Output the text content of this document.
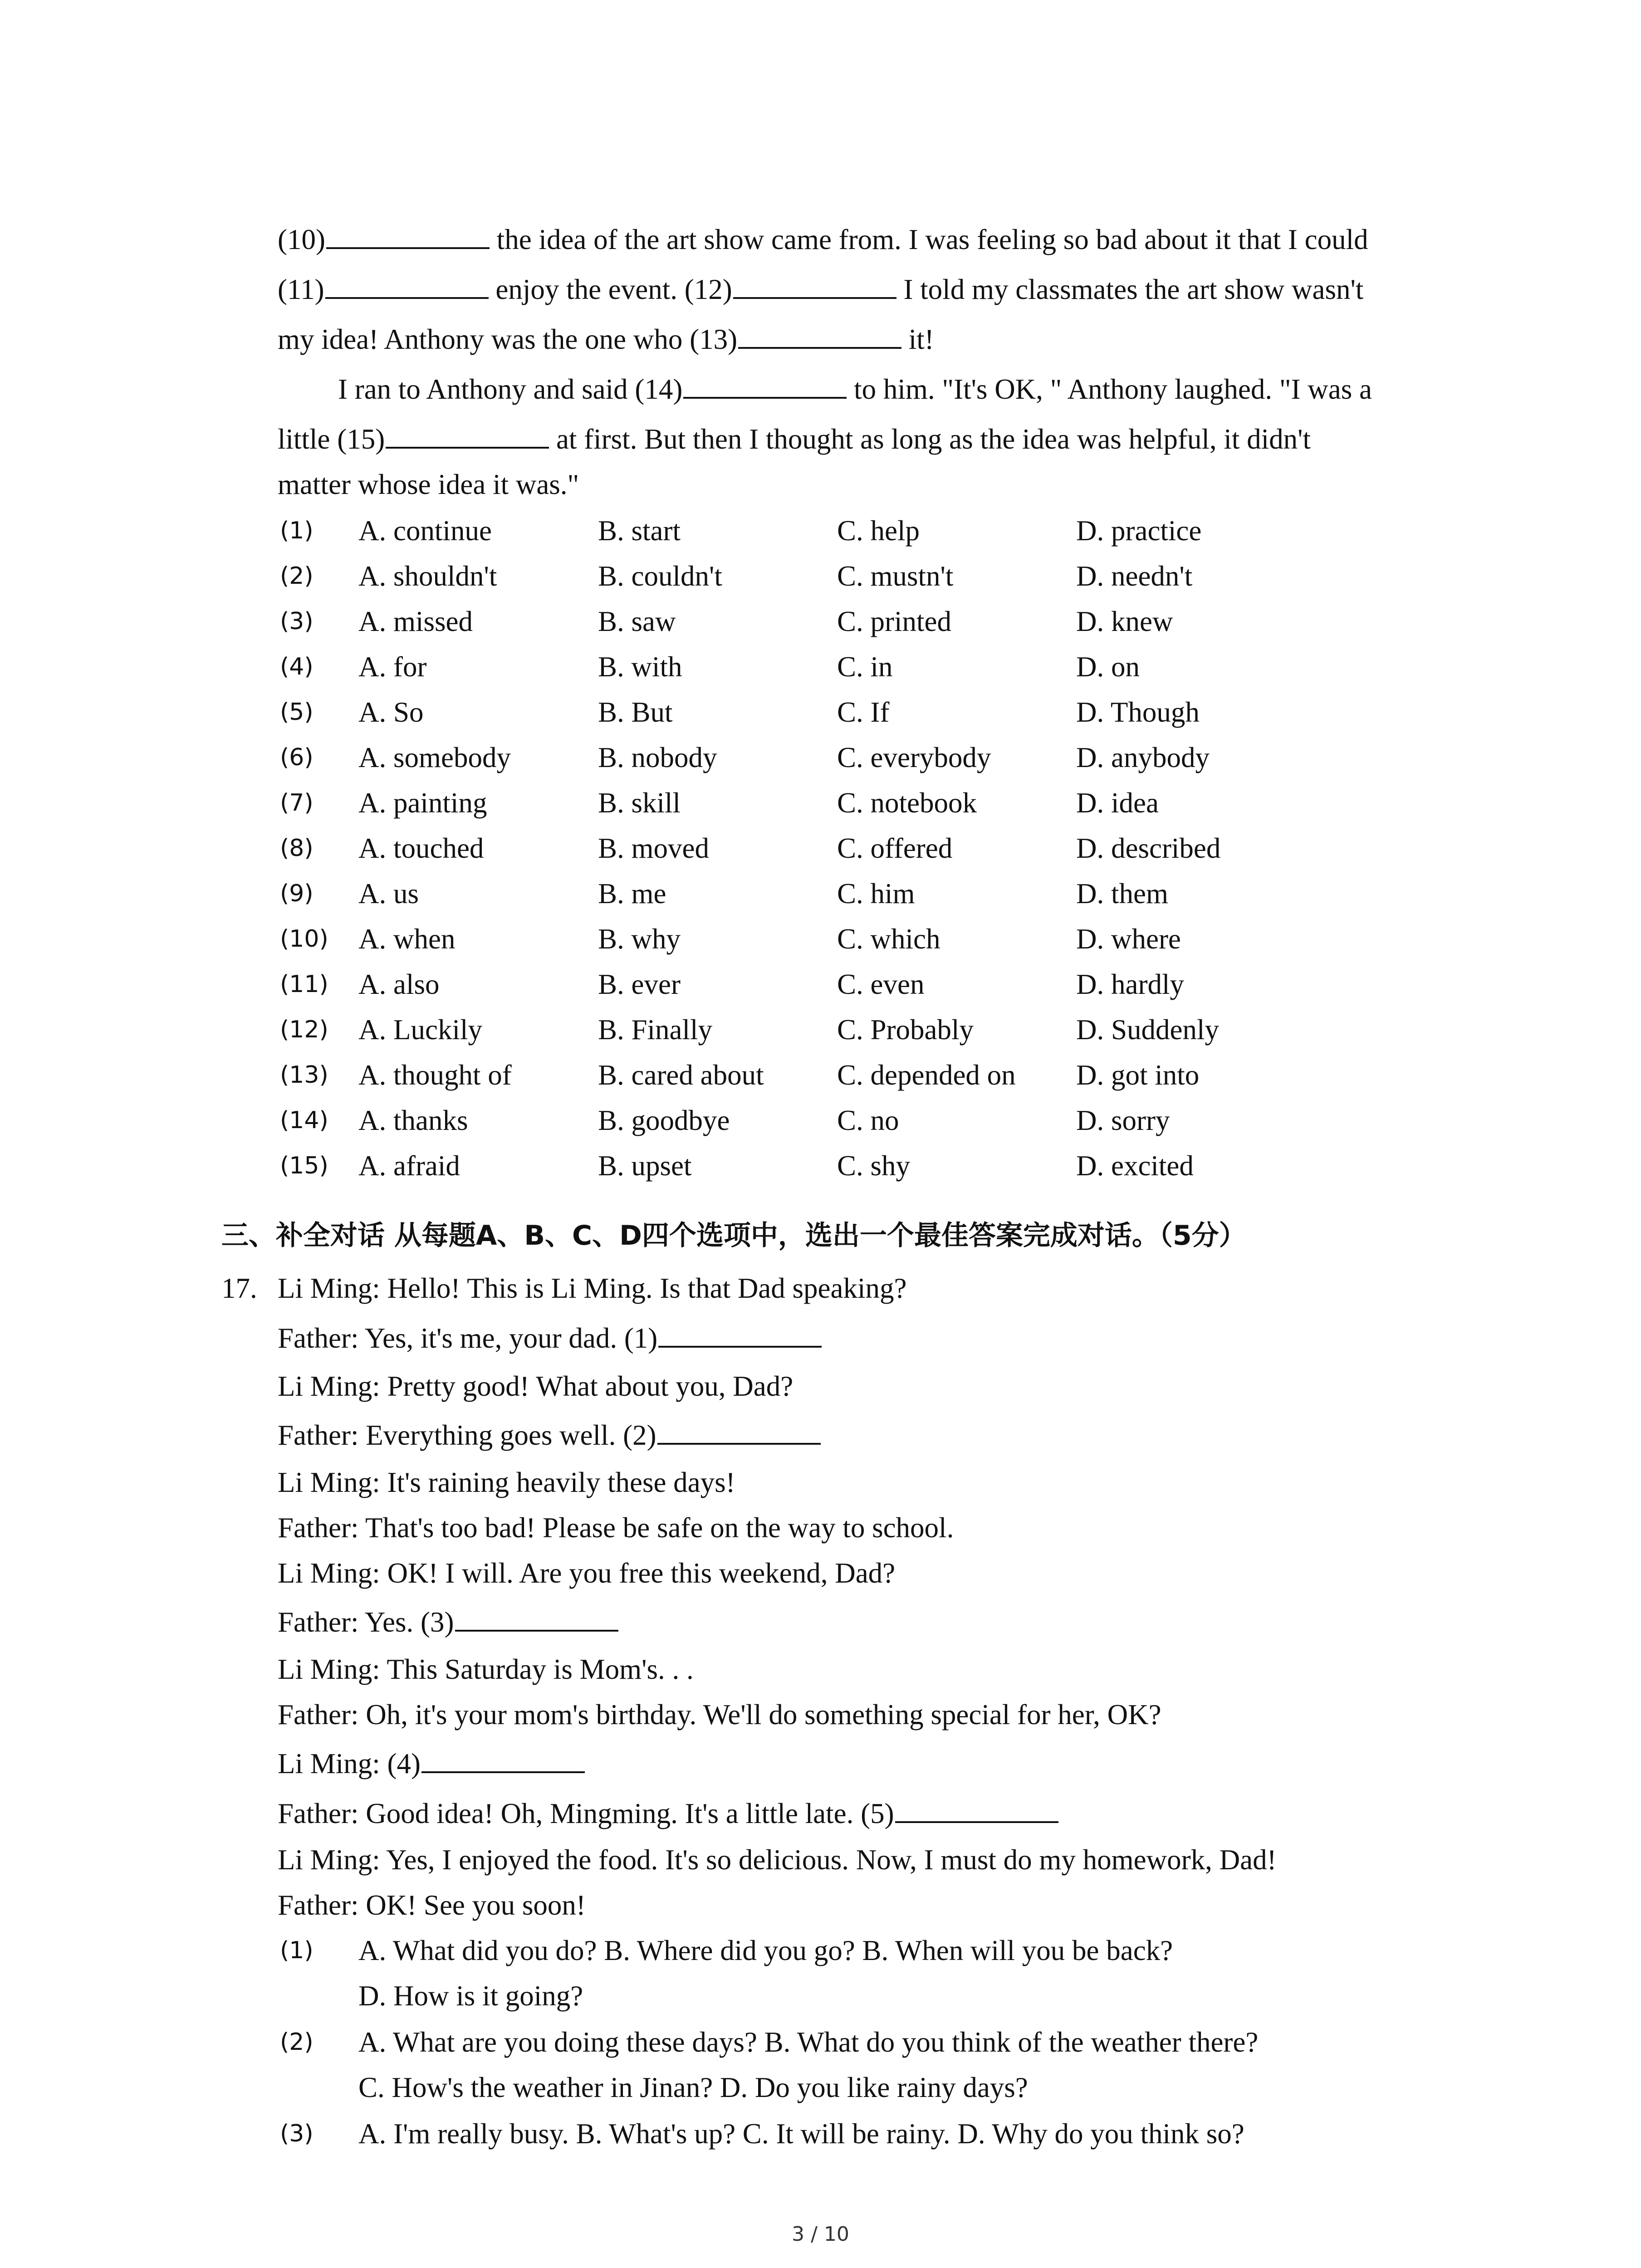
(10)	the idea of the art show came from. I was feeling so bad about it that I could
(11)	enjoy the event. (12)	I told my classmates the art show wasn't
my idea! Anthony was the one who (13)	it!
I ran to Anthony and said (14)	to him. "It's OK, " Anthony laughed. "I was a
little (15)	at first. But then I thought as long as the idea was helpful, it didn't
matter whose idea it was."
(1) A. continue	B. start	C. help	D. practice
(2) A. shouldn't	B. couldn't	C. mustn't	D. needn't
(3) A. missed	B. saw	C. printed	D. knew
(4) A. for	B. with	C. in	D. on
(5) A. So	B. But	C. If	D. Though
(6) A. somebody	B. nobody	C. everybody	D. anybody
(7) A. painting	B. skill	C. notebook	D. idea
(8) A. touched	B. moved	C. offered	D. described
(9) A. us	B. me	C. him	D. them
(10) A. when	B. why	C. which	D. where
(11) A. also	B. ever	C. even	D. hardly
(12) A. Luckily	B. Finally	C. Probably	D. Suddenly
(13) A. thought of	B. cared about	C. depended on D. got into
(14) A. thanks	B. goodbye	C. no	D. sorry
(15) A. afraid	B. upset	C. shy	D. excited
三、补全对话 从每题A、B、C、D四个选项中，选出一个最佳答案完成对话。（5分）
17. Li Ming: Hello! This is Li Ming. Is that Dad speaking?
Father: Yes, it's me, your dad. (1)
Li Ming: Pretty good! What about you, Dad?
Father: Everything goes well. (2)
Li Ming: It's raining heavily these days!
Father: That's too bad! Please be safe on the way to school.
Li Ming: OK! I will. Are you free this weekend, Dad?
Father: Yes. (3)
Li Ming: This Saturday is Mom's. . .
Father: Oh, it's your mom's birthday. We'll do something special for her, OK?
Li Ming: (4)
Father: Good idea! Oh, Mingming. It's a little late. (5)
Li Ming: Yes, I enjoyed the food. It's so delicious. Now, I must do my homework, Dad!
Father: OK! See you soon!
(1) A. What did you do? B. Where did you go? B. When will you be back?
D. How is it going?
(2) A. What are you doing these days? B. What do you think of the weather there?
C. How's the weather in Jinan? D. Do you like rainy days?
(3) A. I'm really busy. B. What's up? C. It will be rainy. D. Why do you think so?
3 / 10
